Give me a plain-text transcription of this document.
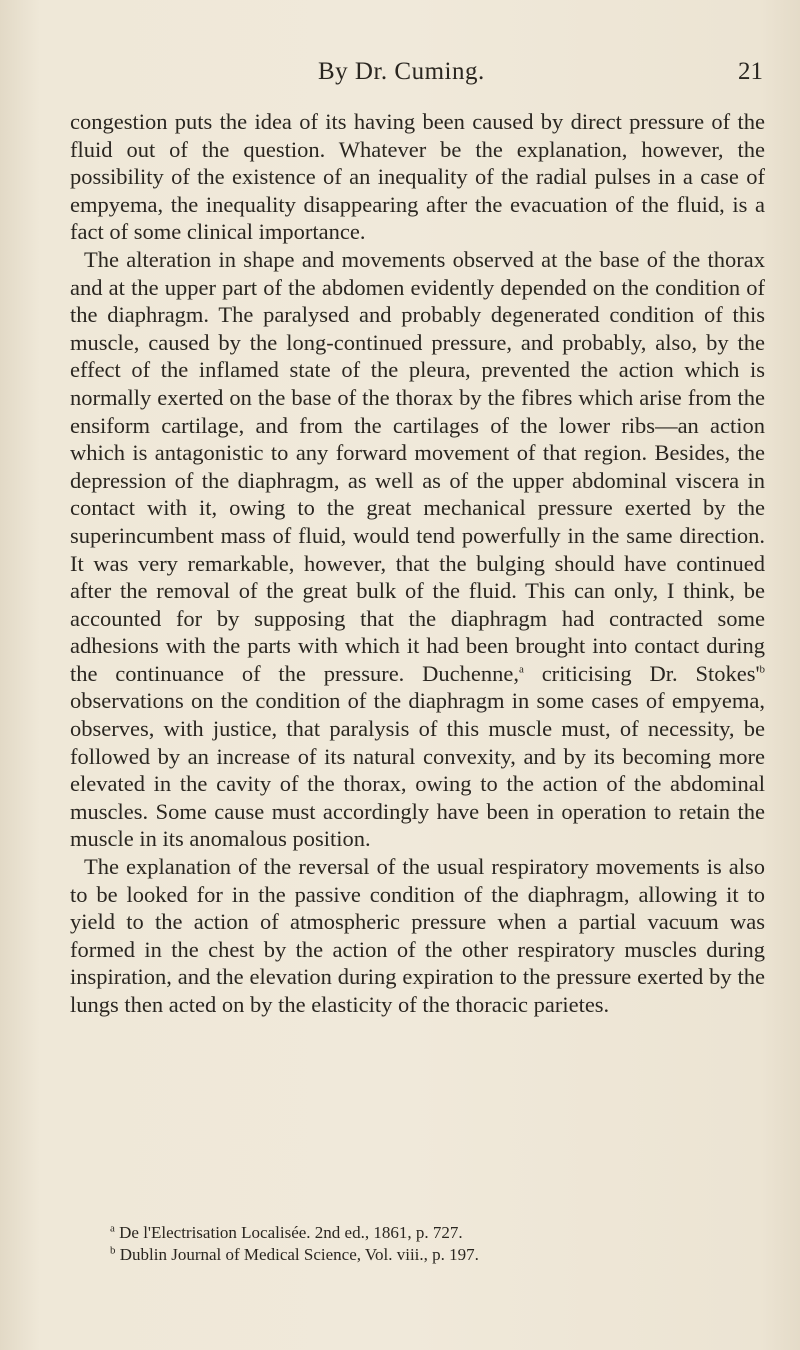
By Dr. Cuming.	21

congestion puts the idea of its having been caused by direct pressure of the fluid out of the question. Whatever be the explanation, however, the possibility of the existence of an inequality of the radial pulses in a case of empyema, the inequality disappearing after the evacuation of the fluid, is a fact of some clinical importance.

The alteration in shape and movements observed at the base of the thorax and at the upper part of the abdomen evidently depended on the condition of the diaphragm. The paralysed and probably degenerated condition of this muscle, caused by the long-continued pressure, and probably, also, by the effect of the inflamed state of the pleura, prevented the action which is normally exerted on the base of the thorax by the fibres which arise from the ensiform cartilage, and from the cartilages of the lower ribs—an action which is antagonistic to any forward movement of that region. Besides, the depression of the diaphragm, as well as of the upper abdominal viscera in contact with it, owing to the great mechanical pressure exerted by the superincumbent mass of fluid, would tend powerfully in the same direction. It was very remarkable, however, that the bulging should have continued after the removal of the great bulk of the fluid. This can only, I think, be accounted for by supposing that the diaphragm had contracted some adhesions with the parts with which it had been brought into contact during the continuance of the pressure. Duchenne,$^a$ criticising Dr. $Stokes'^b$ observations on the condition of the diaphragm in some cases of empyema, observes, with justice, that paralysis of this muscle must, of necessity, be followed by an increase of its natural convexity, and by its becoming more elevated in the cavity of the thorax, owing to the action of the abdominal muscles. Some cause must accordingly have been in operation to retain the muscle in its anomalous position.

The explanation of the reversal of the usual respiratory movements is also to be looked for in the passive condition of the diaphragm, allowing it to yield to the action of atmospheric pressure when a partial vacuum was formed in the chest by the action of the other respiratory muscles during inspiration, and the elevation during expiration to the pressure exerted by the lungs then acted on by the elasticity of the thoracic parietes.

$^a$ De l'Electrisation Localisée. 2nd ed., 1861, p. 727.

$^b$ Dublin Journal of Medical Science, Vol. viii., p. 197.
